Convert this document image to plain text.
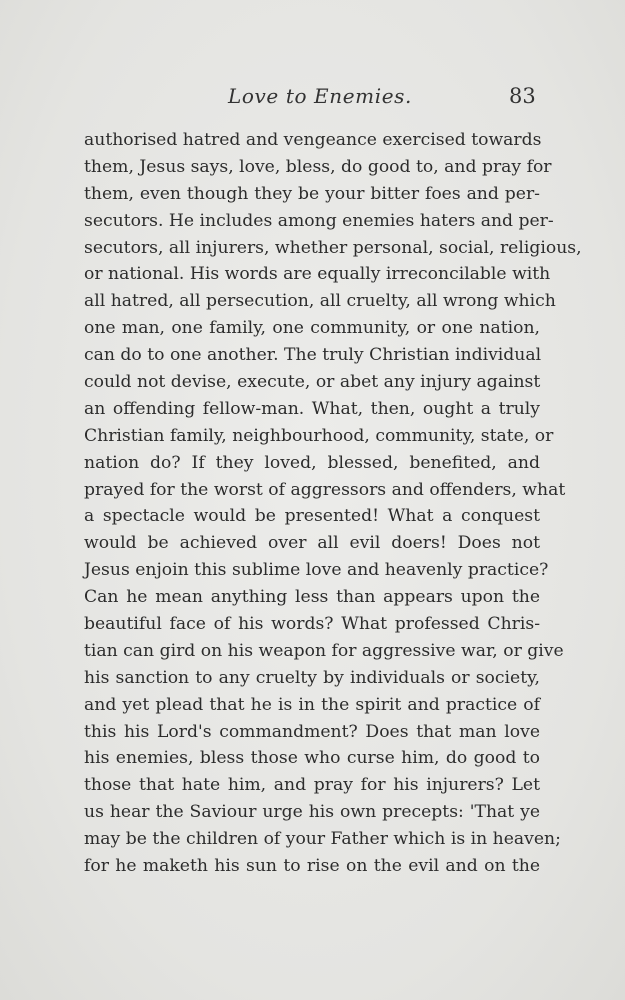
Love to Enemies.	83
authorised hatred and vengeance exercised towards
them, Jesus says, love, bless, do good to, and pray for
them, even though they be your bitter foes and per-
secutors. He includes among enemies haters and per-
secutors, all injurers, whether personal, social, religious,
or national. His words are equally irreconcilable with
all hatred, all persecution, all cruelty, all wrong which
one man, one family, one community, or one nation,
can do to one another. The truly Christian individual
could not devise, execute, or abet any injury against
an offending fellow-man. What, then, ought a truly
Christian family, neighbourhood, community, state, or
nation do? If they loved, blessed, benefited, and
prayed for the worst of aggressors and offenders, what
a spectacle would be presented! What a conquest
would be achieved over all evil doers! Does not
Jesus enjoin this sublime love and heavenly practice?
Can he mean anything less than appears upon the
beautiful face of his words? What professed Chris-
tian can gird on his weapon for aggressive war, or give
his sanction to any cruelty by individuals or society,
and yet plead that he is in the spirit and practice of
this his Lord's commandment? Does that man love
his enemies, bless those who curse him, do good to
those that hate him, and pray for his injurers? Let
us hear the Saviour urge his own precepts: 'That ye
may be the children of your Father which is in heaven;
for he maketh his sun to rise on the evil and on the
